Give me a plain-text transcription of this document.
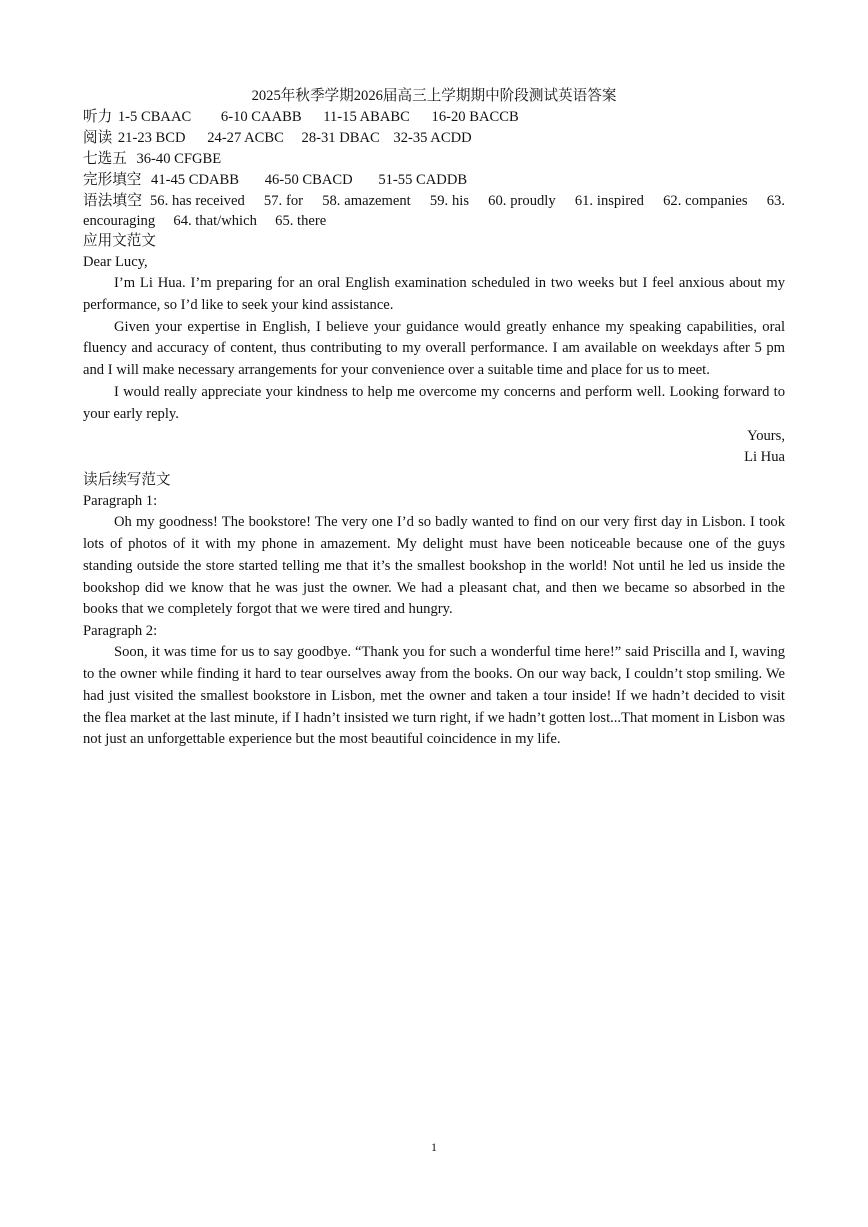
2025年秋季学期2026届高三上学期期中阶段测试英语答案
听力 1-5 CBAAC 6-10 CAABB 11-15 ABABC 16-20 BACCB
阅读 21-23 BCD 24-27 ACBC 28-31 DBAC 32-35 ACDD
七选五 36-40 CFGBE
完形填空 41-45 CDABB 46-50 CBACD 51-55 CADDB
语法填空 56. has received 57. for 58. amazement 59. his 60. proudly 61. inspired 62. companies 63. encouraging 64. that/which 65. there
应用文范文
Dear Lucy,

I’m Li Hua. I’m preparing for an oral English examination scheduled in two weeks but I feel anxious about my performance, so I’d like to seek your kind assistance.

Given your expertise in English, I believe your guidance would greatly enhance my speaking capabilities, oral fluency and accuracy of content, thus contributing to my overall performance. I am available on weekdays after 5 pm and I will make necessary arrangements for your convenience over a suitable time and place for us to meet.

I would really appreciate your kindness to help me overcome my concerns and perform well. Looking forward to your early reply.

Yours,
Li Hua
读后续写范文
Paragraph 1:

Oh my goodness! The bookstore! The very one I’d so badly wanted to find on our very first day in Lisbon. I took lots of photos of it with my phone in amazement. My delight must have been noticeable because one of the guys standing outside the store started telling me that it’s the smallest bookshop in the world! Not until he led us inside the bookshop did we know that he was just the owner. We had a pleasant chat, and then we became so absorbed in the books that we completely forgot that we were tired and hungry.

Paragraph 2:

Soon, it was time for us to say goodbye. “Thank you for such a wonderful time here!” said Priscilla and I, waving to the owner while finding it hard to tear ourselves away from the books. On our way back, I couldn’t stop smiling. We had just visited the smallest bookstore in Lisbon, met the owner and taken a tour inside! If we hadn’t decided to visit the flea market at the last minute, if I hadn’t insisted we turn right, if we hadn’t gotten lost...That moment in Lisbon was not just an unforgettable experience but the most beautiful coincidence in my life.

1
